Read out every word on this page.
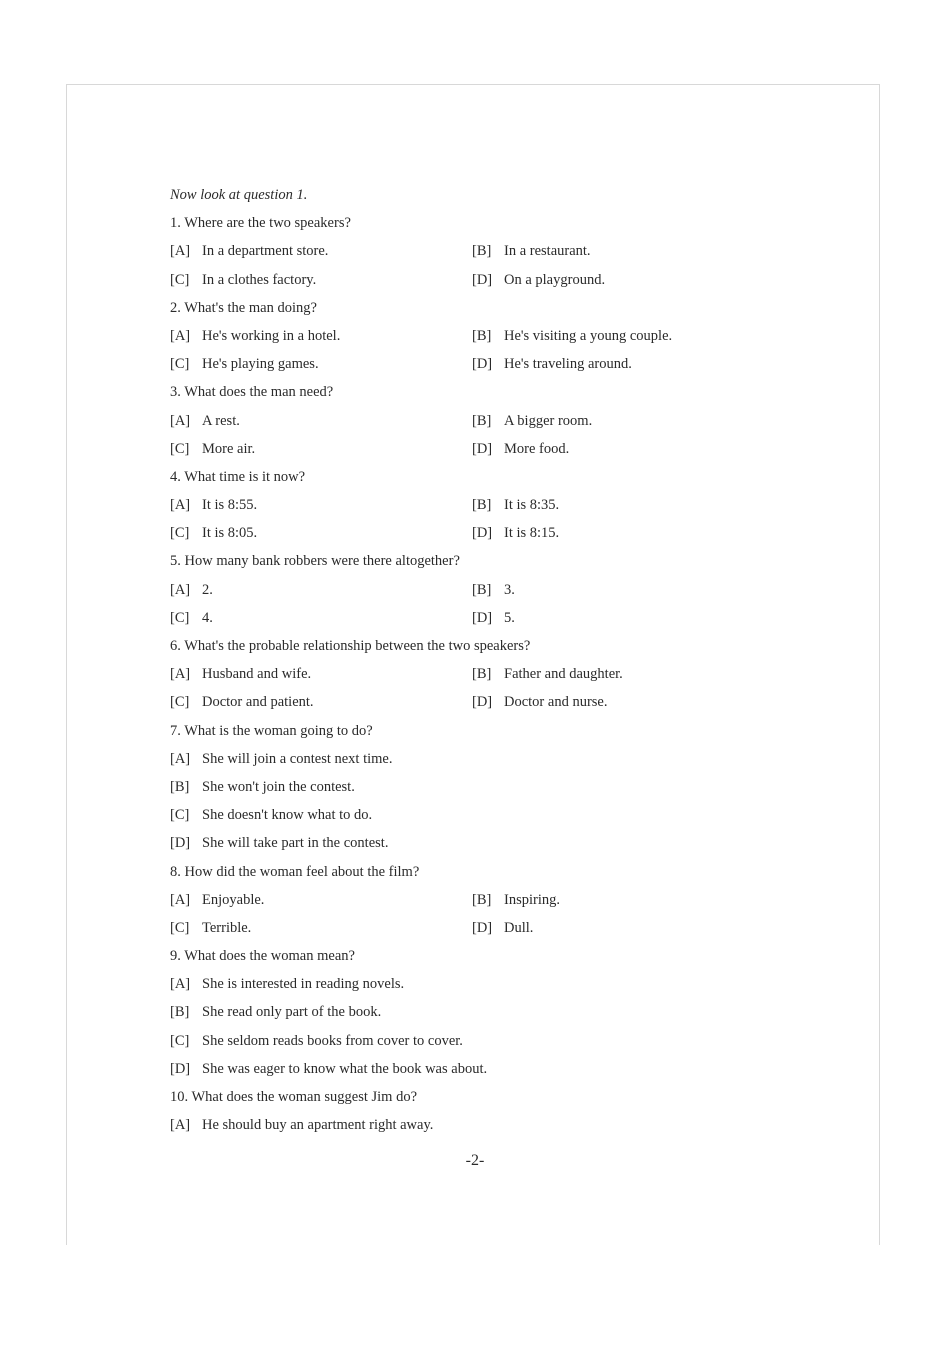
Now look at question 1.
1. Where are the two speakers?
[A] In a department store.	[B] In a restaurant.
[C] In a clothes factory.	[D] On a playground.
2. What's the man doing?
[A] He's working in a hotel.	[B] He's visiting a young couple.
[C] He's playing games.	[D] He's traveling around.
3. What does the man need?
[A] A rest.	[B] A bigger room.
[C] More air.	[D] More food.
4. What time is it now?
[A] It is 8:55.	[B] It is 8:35.
[C] It is 8:05.	[D] It is 8:15.
5. How many bank robbers were there altogether?
[A] 2.	[B] 3.
[C] 4.	[D] 5.
6. What's the probable relationship between the two speakers?
[A] Husband and wife.	[B] Father and daughter.
[C] Doctor and patient.	[D] Doctor and nurse.
7. What is the woman going to do?
[A] She will join a contest next time.
[B] She won't join the contest.
[C] She doesn't know what to do.
[D] She will take part in the contest.
8. How did the woman feel about the film?
[A] Enjoyable.	[B] Inspiring.
[C] Terrible.	[D] Dull.
9. What does the woman mean?
[A] She is interested in reading novels.
[B] She read only part of the book.
[C] She seldom reads books from cover to cover.
[D] She was eager to know what the book was about.
10. What does the woman suggest Jim do?
[A] He should buy an apartment right away.
-2-
